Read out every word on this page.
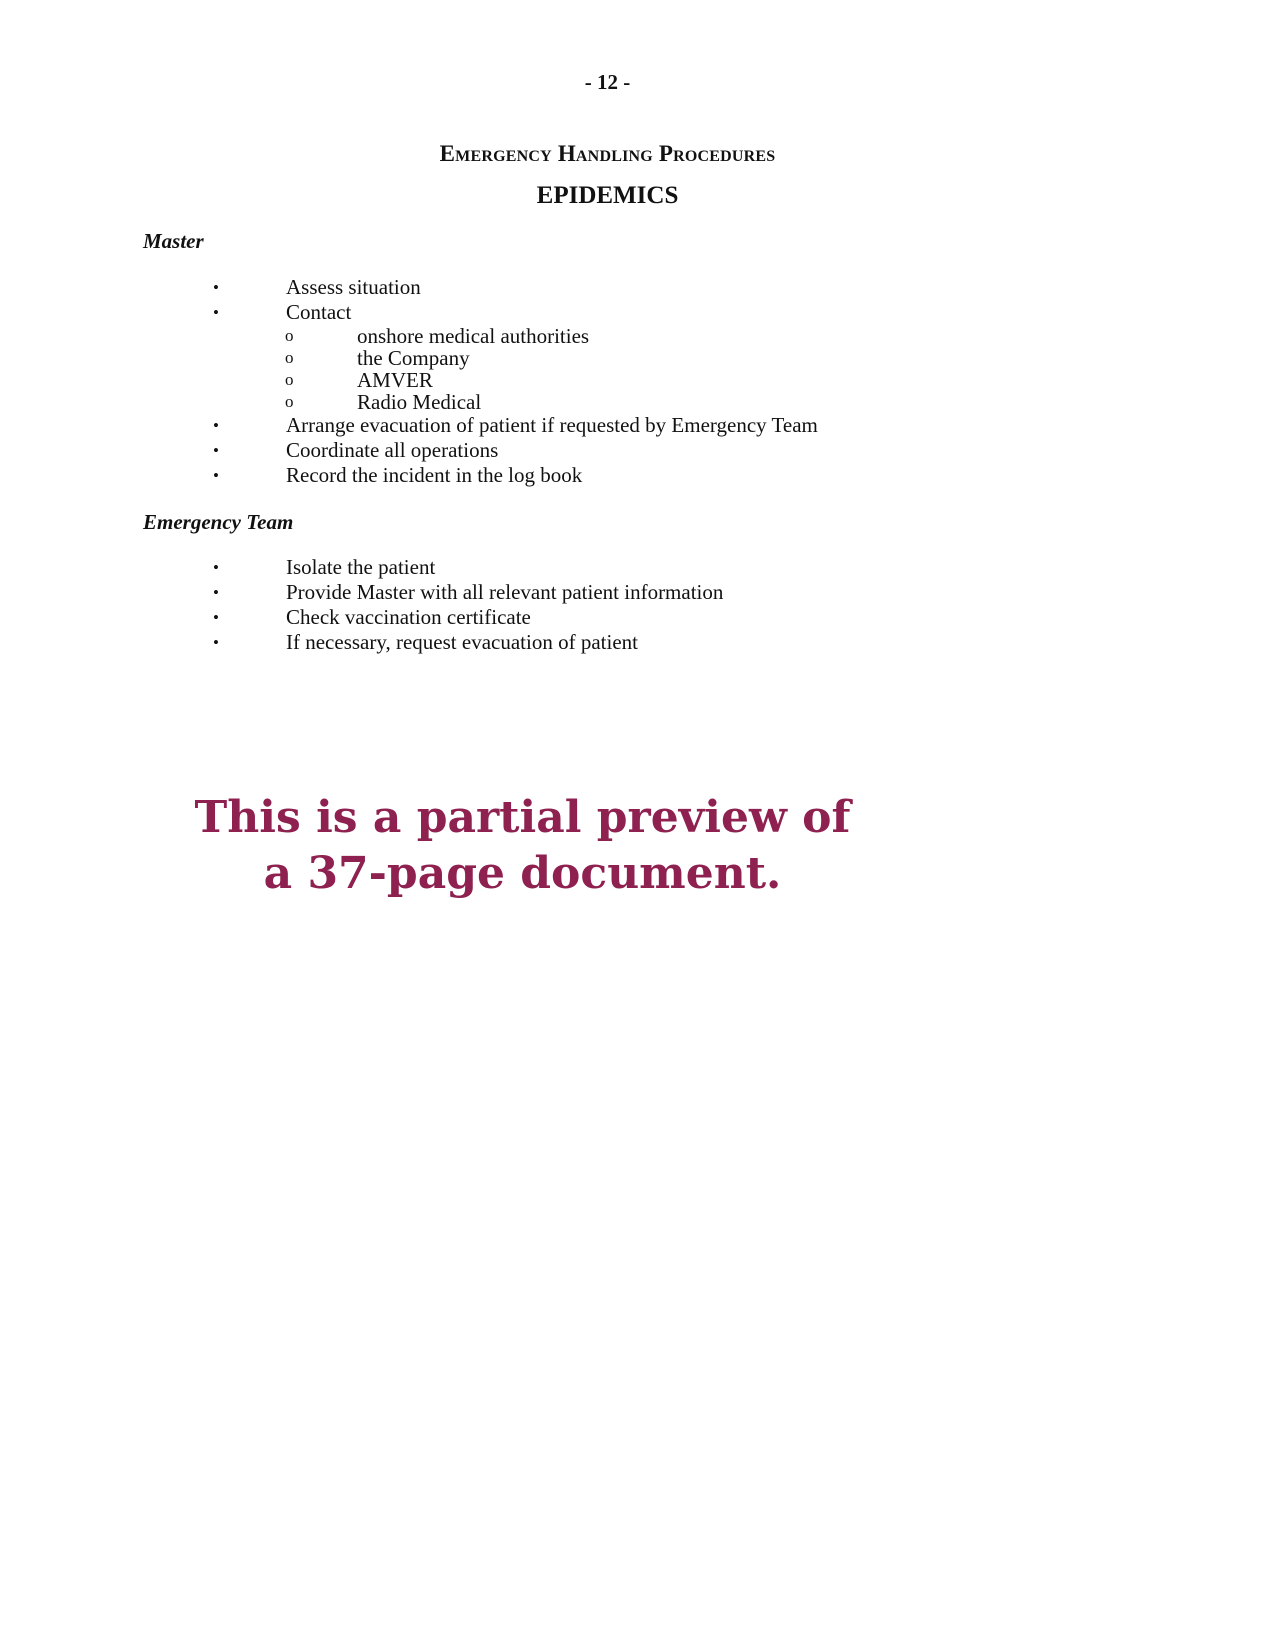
- 12 -
Emergency Handling Procedures
EPIDEMICS
Master
•	Assess situation
•	Contact
o	onshore medical authorities
o	the Company
o	AMVER
o	Radio Medical
•	Arrange evacuation of patient if requested by Emergency Team
•	Coordinate all operations
•	Record the incident in the log book
Emergency Team
•	Isolate the patient
•	Provide Master with all relevant patient information
•	Check vaccination certificate
•	If necessary, request evacuation of patient
This is a partial preview of
a 37-page document.
